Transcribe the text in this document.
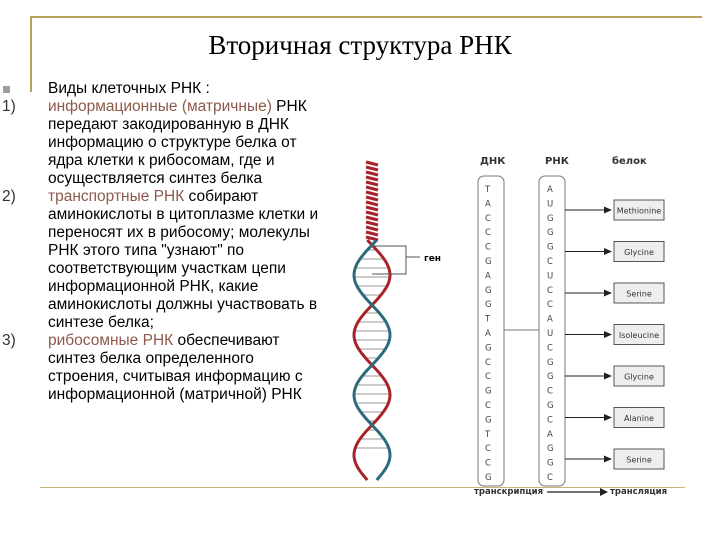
Вторичная структура РНК
Виды клеточных РНК :
1)	информационные (матричные) РНК передают закодированную в ДНК информацию о структуре белка от ядра клетки к рибосомам, где и осуществляется синтез белка
2)	транспортные РНК собирают аминокислоты в цитоплазме клетки и переносят их в рибосому; молекулы РНК этого типа "узнают" по соответствующим участкам цепи информационной РНК, какие аминокислоты должны участвовать в синтезе белка;
3)	рибосомные РНК обеспечивают синтез белка определенного строения, считывая информацию с информационной (матричной) РНК
ген
ДНК	РНК	белок
T
A
C
C
C
G
A
G
G
T
A
G
C
C
G
C
G
T
C
C
G
A
U
G
G
G
C
U
C
C
A
U
C
G
G
C
G
C
A
G
G
C
Methionine
Glycine
Serine
Isoleucine
Glycine
Alanine
Serine
транскрипция	трансляция
